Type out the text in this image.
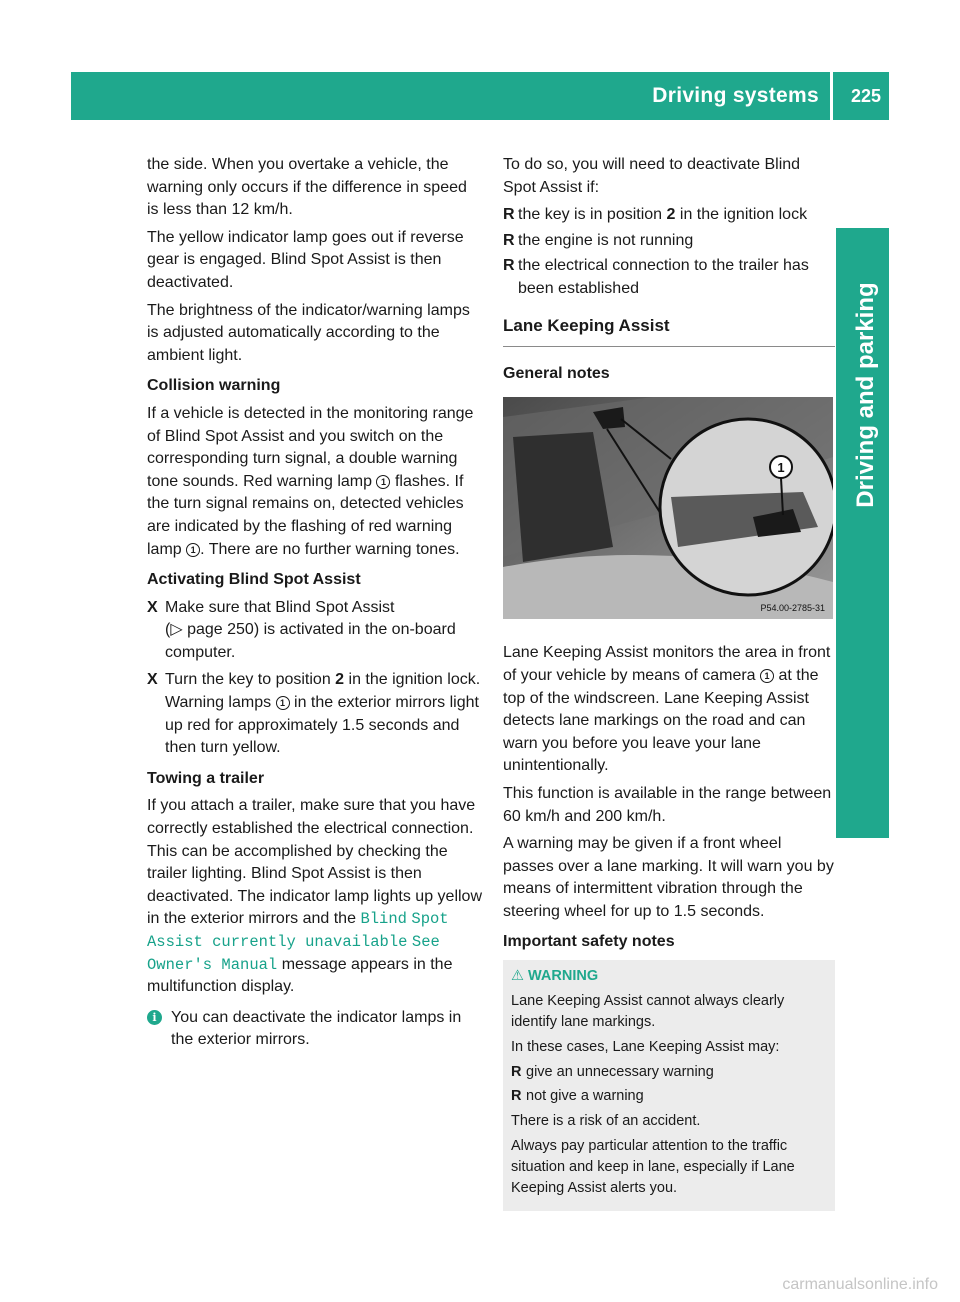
Driving systems 225
Driving and parking

the side. When you overtake a vehicle, the warning only occurs if the difference in speed is less than 12 km/h.

The yellow indicator lamp goes out if reverse gear is engaged. Blind Spot Assist is then deactivated.

The brightness of the indicator/warning lamps is adjusted automatically according to the ambient light.

Collision warning

If a vehicle is detected in the monitoring range of Blind Spot Assist and you switch on the corresponding turn signal, a double warning tone sounds. Red warning lamp 1 flashes. If the turn signal remains on, detected vehicles are indicated by the flashing of red warning lamp 1 . There are no further warning tones.

Activating Blind Spot Assist

X Make sure that Blind Spot Assist
(▷ page 250) is activated in the on-board computer.
X Turn the key to position 2 in the ignition lock.
Warning lamps 1 in the exterior mirrors light up red for approximately 1.5 seconds and then turn yellow.

Towing a trailer

If you attach a trailer, make sure that you have correctly established the electrical connection. This can be accomplished by checking the trailer lighting. Blind Spot Assist is then deactivated. The indicator lamp lights up yellow in the exterior mirrors and the Blind Spot Assist currently unavailable See Owner's Manual message appears in the multifunction display.

i You can deactivate the indicator lamps in the exterior mirrors.

To do so, you will need to deactivate Blind Spot Assist if:

R the key is in position 2 in the ignition lock
R the engine is not running
R the electrical connection to the trailer has been established
Lane Keeping Assist

General notes

1
P54.00-2785-31

Lane Keeping Assist monitors the area in front of your vehicle by means of camera 1 at the top of the windscreen. Lane Keeping Assist detects lane markings on the road and can warn you before you leave your lane unintentionally.

This function is available in the range between 60 km/h and 200 km/h.

A warning may be given if a front wheel passes over a lane marking. It will warn you by means of intermittent vibration through the steering wheel for up to 1.5 seconds.

Important safety notes

⚠ WARNING

Lane Keeping Assist cannot always clearly identify lane markings.

In these cases, Lane Keeping Assist may:

R give an unnecessary warning
R not give a warning

There is a risk of an accident.

Always pay particular attention to the traffic situation and keep in lane, especially if Lane Keeping Assist alerts you.

carmanualsonline.info
